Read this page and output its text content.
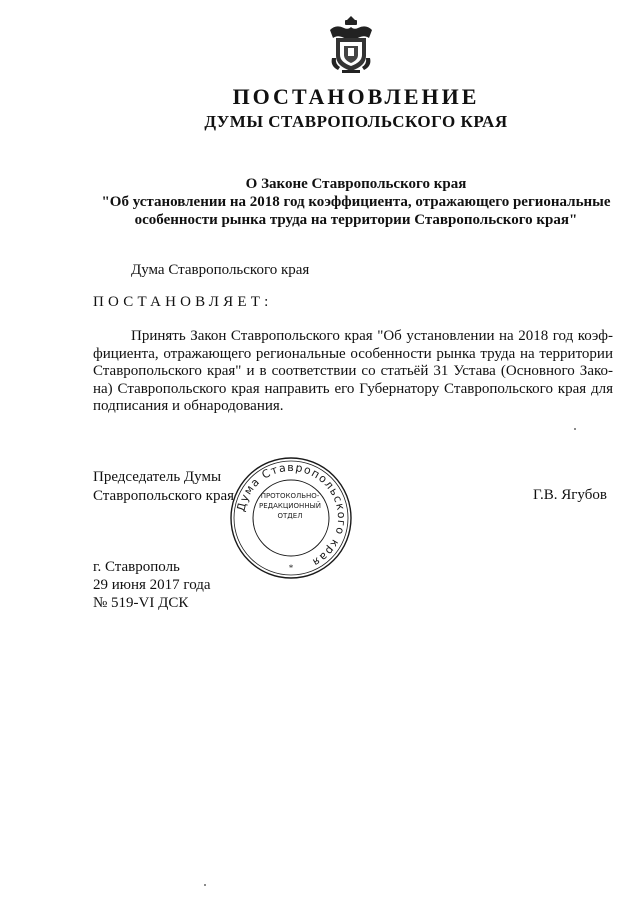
ПОСТАНОВЛЕНИЕ
ДУМЫ СТАВРОПОЛЬСКОГО КРАЯ
О Законе Ставропольского края
"Об установлении на 2018 год коэффициента, отражающего региональные
особенности рынка труда на территории Ставропольского края"
Дума Ставропольского края
ПОСТАНОВЛЯЕТ:
Принять Закон Ставропольского края "Об установлении на 2018 год коэф-
фициента, отражающего региональные особенности рынка труда на территории
Ставропольского края" и в соответствии со статьёй 31 Устава (Основного Зако-
на) Ставропольского края направить его Губернатору Ставропольского края для
подписания и обнародования.
Председатель Думы
Ставропольского края	Г.В. Ягубов
Дума Ставропольского края
*
ПРОТОКОЛЬНО-
РЕДАКЦИОННЫЙ
ОТДЕЛ
г. Ставрополь
29 июня 2017 года
№ 519-VI ДСК
